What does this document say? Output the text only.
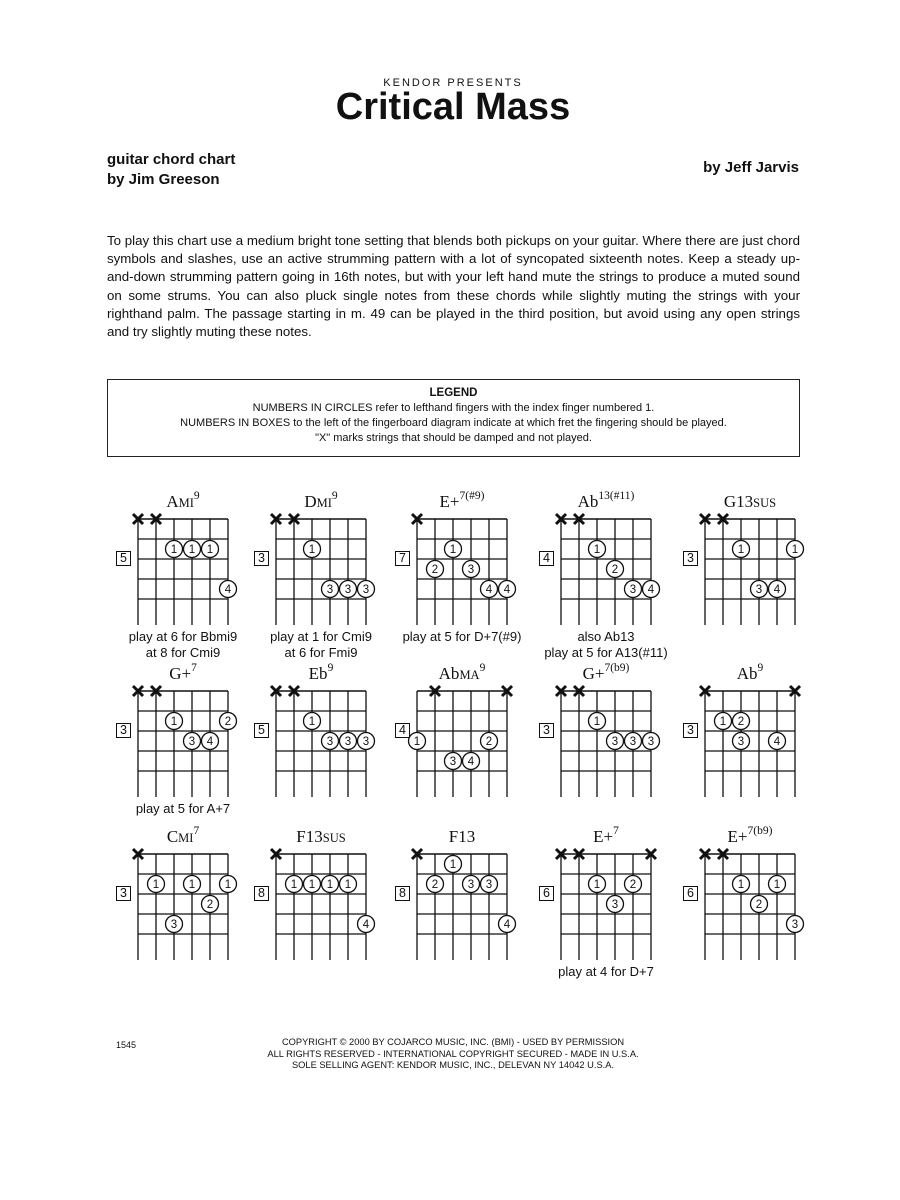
KENDOR PRESENTS
Critical Mass
guitar chord chart
by Jim Greeson
by Jeff Jarvis
To play this chart use a medium bright tone setting that blends both pickups on your guitar. Where there are just chord symbols and slashes, use an active strumming pattern with a lot of syncopated sixteenth notes. Keep a steady up-and-down strumming pattern going in 16th notes, but with your left hand mute the strings to produce a muted sound on some strums. You can also pluck single notes from these chords while slightly muting the strings with your righthand palm. The passage starting in m. 49 can be played in the third position, but avoid using any open strings and try slightly muting these notes.
LEGEND
NUMBERS IN CIRCLES refer to lefthand fingers with the index finger numbered 1.
NUMBERS IN BOXES to the left of the fingerboard diagram indicate at which fret the fingering should be played.
"X" marks strings that should be damped and not played.
AMI$^9$
5
1 1 1
4
play at 6 for Bbmi9
at 8 for Cmi9
DMI$^9$
3
1
3 3 3
play at 1 for Cmi9
at 6 for Fmi9
E+$^{7(\#9)}$
7
1
2	3
4 4
play at 5 for D+7(#9)
$Ab^{13(\#11)}$
4
1
2
3 4
also Ab13
play at 5 for A13(#11)
G13SUS
3
1	1
3 4
G+$^7$
3
1	2
3 4
play at 5 for A+7
Eb$^9$
5
1
3 3 3
AbMA$^9$
4
1	2
3 4
G+$^{7(b9)}$
3
1
3 3 3
Ab$^9$
3
1 2
3	4
CMI$^7$
3
1	1	1
2
3
F13SUS
8
1 1 1 1
4
F13
8
1
2	3 3
4
E+$^7$
6
1	2
3
play at 4 for D+7
E+$^{7(b9)}$
6
1	1
2
3
1545	COPYRIGHT © 2000 BY COJARCO MUSIC, INC. (BMI) - USED BY PERMISSION
ALL RIGHTS RESERVED - INTERNATIONAL COPYRIGHT SECURED - MADE IN U.S.A.
SOLE SELLING AGENT: KENDOR MUSIC, INC., DELEVAN NY 14042 U.S.A.
